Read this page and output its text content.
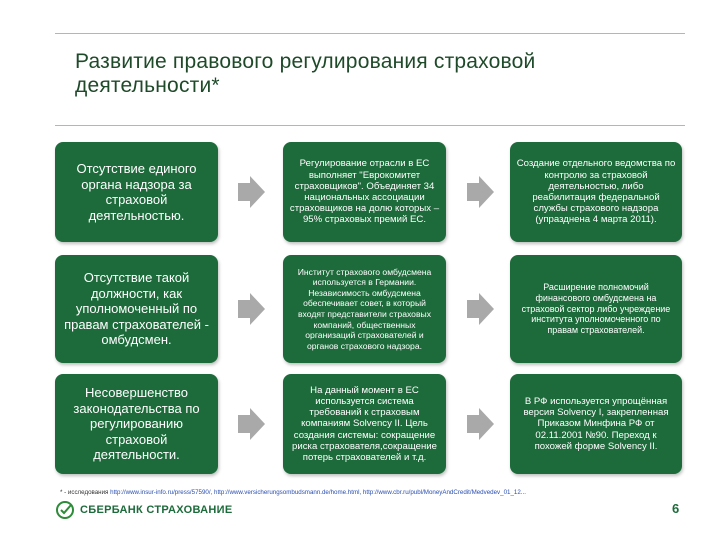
Развитие правового регулирования страховой
деятельности*
Отсутствие единого органа надзора за страховой деятельностью.
Регулирование отрасли в ЕС выполняет "Еврокомитет страховщиков". Объединяет 34 национальных ассоциации страховщиков на долю которых – 95% страховых премий ЕС.
Создание отдельного ведомства по контролю за страховой деятельностью, либо реабилитация федеральной службы страхового надзора (упразднена 4 марта 2011).
Отсутствие такой должности, как уполномоченный по правам страхователей - омбудсмен.
Институт страхового омбудсмена используется в Германии. Независимость омбудсмена обеспечивает совет, в который входят представители страховых компаний, общественных организаций страхователей и органов страхового надзора.
Расширение полномочий финансового омбудсмена на страховой сектор либо учреждение института уполномоченного по правам страхователей.
Несовершенство законодательства по регулированию страховой деятельности.
На данный момент в ЕС используется система требований к страховым компаниям Solvency II. Цель создания системы: сокращение риска страхователя,сокращение потерь страхователей и т.д.
В РФ используется упрощённая версия Solvency I, закрепленная Приказом Минфина РФ от 02.11.2001 №90. Переход к похожей форме Solvency II.
* - исследования http://www.insur-info.ru/press/57590/, http://www.versicherungsombudsmann.de/home.html, http://www.cbr.ru/publ/MoneyAndCredit/Medvedev_01_12...
СБЕРБАНК СТРАХОВАНИЕ	6
